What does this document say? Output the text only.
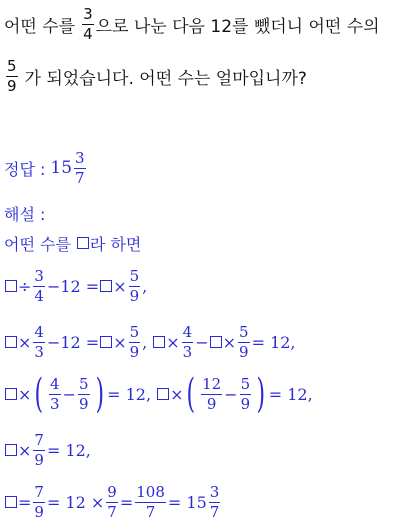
어떤 수를 $\frac{3}{4}$ 으로 나눈 다음 12를 뺐더니 어떤 수의
$\frac{5}{9}$ 가 되었습니다. 어떤 수는 얼마입니까?
정답 : $15 \frac{3}{7}$
해설 :
어떤 수를 라 하면
÷ $\frac{3}{4} -12$ = × $\frac{5}{9}$ ,
× $\frac{4}{3} -12$ = × $\frac{5}{9}$ , × $\frac{4}{3}$ − × $\frac{5}{9} = 12$,
× ( $\frac{4}{3} - \frac{5}{9}$ ) = 12, × ( $\frac{12}{9} - \frac{5}{9}$ ) = 12,
× $\frac{7}{9} = 12$,
= $\frac{7}{9} = 12 \times \frac{9}{7} = \frac{108}{7} = 15 \frac{3}{7}$
